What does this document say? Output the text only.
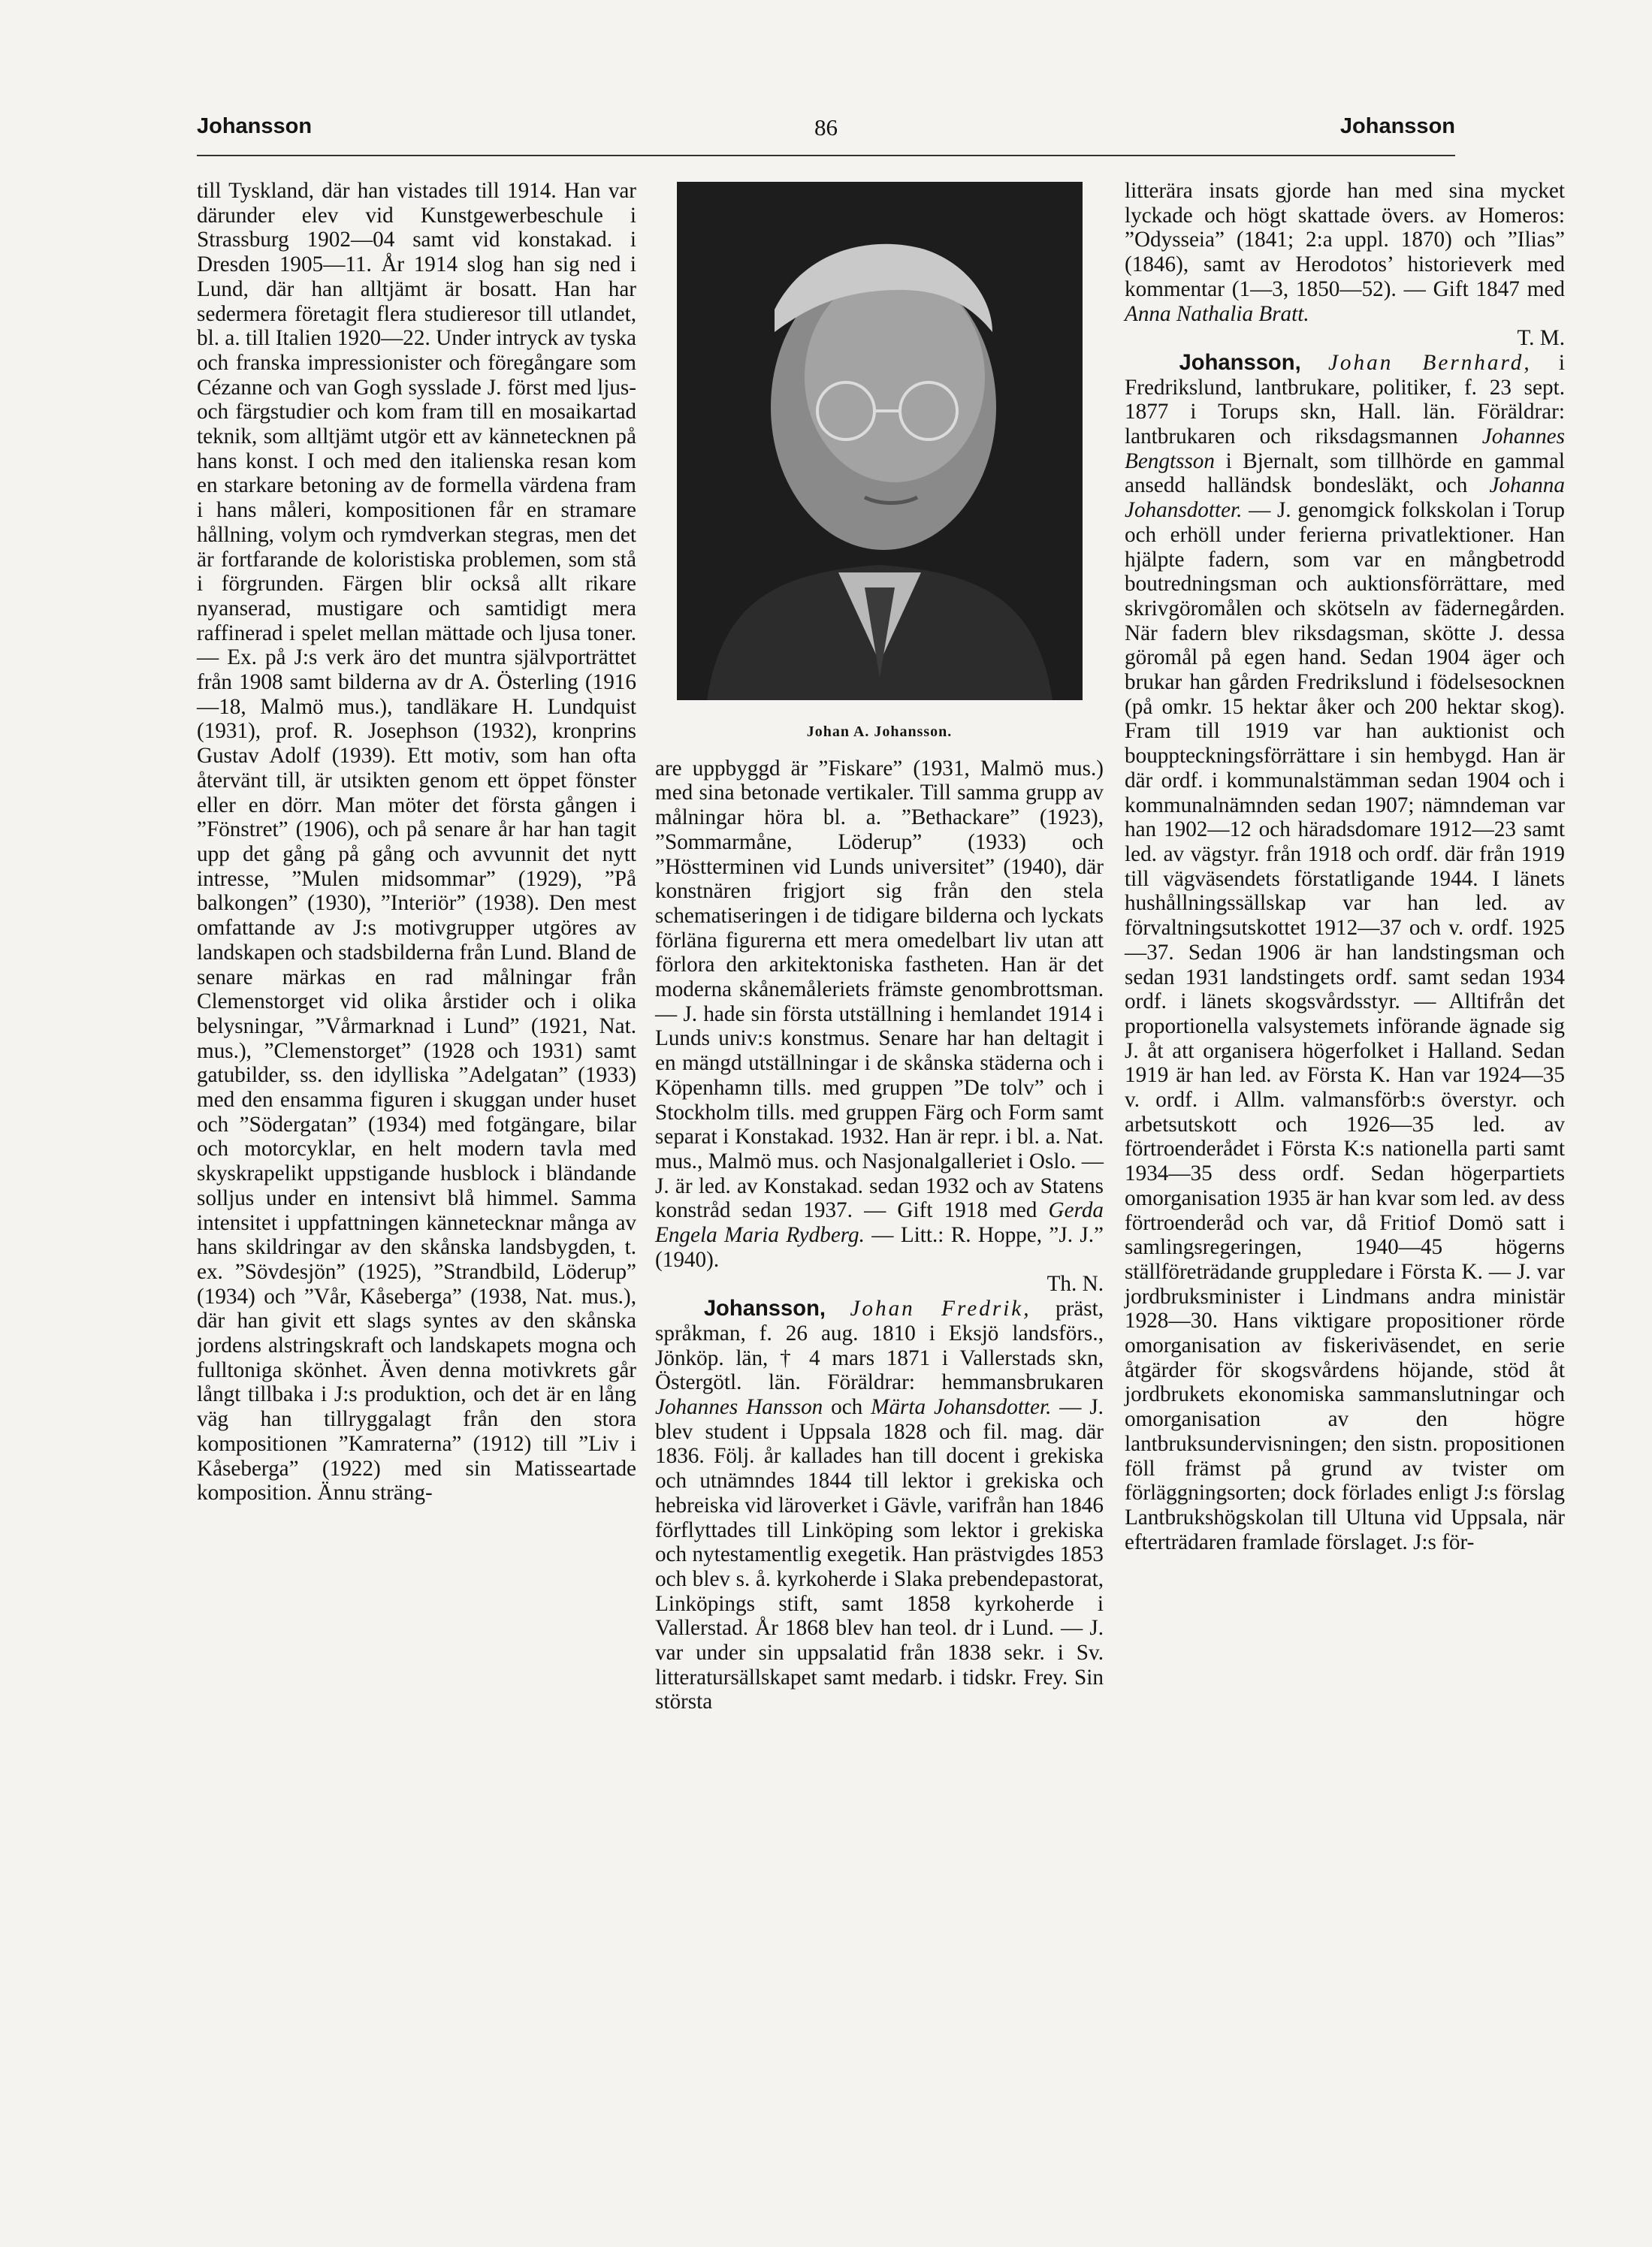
Johansson	86	Johansson

till Tyskland, där han vistades till 1914. Han var därunder elev vid Kunstgewerbeschule i Strassburg 1902—04 samt vid konstakad. i Dresden 1905—11. År 1914 slog han sig ned i Lund, där han alltjämt är bosatt. Han har sedermera företagit flera studieresor till utlandet, bl. a. till Italien 1920—22. Under intryck av tyska och franska impressionister och föregångare som Cézanne och van Gogh sysslade J. först med ljus- och färgstudier och kom fram till en mosaikartad teknik, som alltjämt utgör ett av kännetecknen på hans konst. I och med den italienska resan kom en starkare betoning av de formella värdena fram i hans måleri, kompositionen får en stramare hållning, volym och rymdverkan stegras, men det är fortfarande de koloristiska problemen, som stå i förgrunden. Färgen blir också allt rikare nyanserad, mustigare och samtidigt mera raffinerad i spelet mellan mättade och ljusa toner. — Ex. på J:s verk äro det muntra självporträttet från 1908 samt bilderna av dr A. Österling (1916—18, Malmö mus.), tandläkare H. Lundquist (1931), prof. R. Josephson (1932), kronprins Gustav Adolf (1939). Ett motiv, som han ofta återvänt till, är utsikten genom ett öppet fönster eller en dörr. Man möter det första gången i ”Fönstret” (1906), och på senare år har han tagit upp det gång på gång och avvunnit det nytt intresse, ”Mulen midsommar” (1929), ”På balkongen” (1930), ”Interiör” (1938). Den mest omfattande av J:s motivgrupper utgöres av landskapen och stadsbilderna från Lund. Bland de senare märkas en rad målningar från Clemenstorget vid olika årstider och i olika belysningar, ”Vårmarknad i Lund” (1921, Nat. mus.), ”Clemenstorget” (1928 och 1931) samt gatubilder, ss. den idylliska ”Adelgatan” (1933) med den ensamma figuren i skuggan under huset och ”Södergatan” (1934) med fotgängare, bilar och motorcyklar, en helt modern tavla med skyskrapelikt uppstigande husblock i bländande solljus under en intensivt blå himmel. Samma intensitet i uppfattningen kännetecknar många av hans skildringar av den skånska landsbygden, t. ex. ”Sövdesjön” (1925), ”Strandbild, Löderup” (1934) och ”Vår, Kåseberga” (1938, Nat. mus.), där han givit ett slags syntes av den skånska jordens alstringskraft och landskapets mogna och fulltoniga skönhet. Även denna motivkrets går långt tillbaka i J:s produktion, och det är en lång väg han tillryggalagt från den stora kompositionen ”Kamraterna” (1912) till ”Liv i Kåseberga” (1922) med sin Matisseartade komposition. Ännu sträng-

Johan A. Johansson.

are uppbyggd är ”Fiskare” (1931, Malmö mus.) med sina betonade vertikaler. Till samma grupp av målningar höra bl. a. ”Bethackare” (1923), ”Sommarmåne, Löderup” (1933) och ”Höstterminen vid Lunds universitet” (1940), där konstnären frigjort sig från den stela schematiseringen i de tidigare bilderna och lyckats förläna figurerna ett mera omedelbart liv utan att förlora den arkitektoniska fastheten. Han är det moderna skånemåleriets främste genombrottsman. — J. hade sin första utställning i hemlandet 1914 i Lunds univ:s konstmus. Senare har han deltagit i en mängd utställningar i de skånska städerna och i Köpenhamn tills. med gruppen ”De tolv” och i Stockholm tills. med gruppen Färg och Form samt separat i Konstakad. 1932. Han är repr. i bl. a. Nat. mus., Malmö mus. och Nasjonalgalleriet i Oslo. — J. är led. av Konstakad. sedan 1932 och av Statens konstråd sedan 1937. — Gift 1918 med Gerda Engela Maria Rydberg. — Litt.: R. Hoppe, ”J. J.” (1940).

Th. N.

Johansson, Johan Fredrik, präst, språkman, f. 26 aug. 1810 i Eksjö landsförs., Jönköp. län, † 4 mars 1871 i Vallerstads skn, Östergötl. län. Föräldrar: hemmansbrukaren Johannes Hansson och Märta Johansdotter. — J. blev student i Uppsala 1828 och fil. mag. där 1836. Följ. år kallades han till docent i grekiska och utnämndes 1844 till lektor i grekiska och hebreiska vid läroverket i Gävle, varifrån han 1846 förflyttades till Linköping som lektor i grekiska och nytestamentlig exegetik. Han prästvigdes 1853 och blev s. å. kyrkoherde i Slaka prebendepastorat, Linköpings stift, samt 1858 kyrkoherde i Vallerstad. År 1868 blev han teol. dr i Lund. — J. var under sin uppsalatid från 1838 sekr. i Sv. litteratursällskapet samt medarb. i tidskr. Frey. Sin största

litterära insats gjorde han med sina mycket lyckade och högt skattade övers. av Homeros: ”Odysseia” (1841; 2:a uppl. 1870) och ”Ilias” (1846), samt av Herodotos’ historieverk med kommentar (1—3, 1850—52). — Gift 1847 med Anna Nathalia Bratt.

T. M.

Johansson, Johan Bernhard, i Fredrikslund, lantbrukare, politiker, f. 23 sept. 1877 i Torups skn, Hall. län. Föräldrar: lantbrukaren och riksdagsmannen Johannes Bengtsson i Bjernalt, som tillhörde en gammal ansedd halländsk bondesläkt, och Johanna Johansdotter. — J. genomgick folkskolan i Torup och erhöll under ferierna privatlektioner. Han hjälpte fadern, som var en mångbetrodd boutredningsman och auktionsförrättare, med skrivgöromålen och skötseln av fädernegården. När fadern blev riksdagsman, skötte J. dessa göromål på egen hand. Sedan 1904 äger och brukar han gården Fredrikslund i födelsesocknen (på omkr. 15 hektar åker och 200 hektar skog). Fram till 1919 var han auktionist och bouppteckningsförrättare i sin hembygd. Han är där ordf. i kommunalstämman sedan 1904 och i kommunalnämnden sedan 1907; nämndeman var han 1902—12 och häradsdomare 1912—23 samt led. av vägstyr. från 1918 och ordf. där från 1919 till vägväsendets förstatligande 1944. I länets hushållningssällskap var han led. av förvaltningsutskottet 1912—37 och v. ordf. 1925—37. Sedan 1906 är han landstingsman och sedan 1931 landstingets ordf. samt sedan 1934 ordf. i länets skogsvårdsstyr. — Alltifrån det proportionella valsystemets införande ägnade sig J. åt att organisera högerfolket i Halland. Sedan 1919 är han led. av Första K. Han var 1924—35 v. ordf. i Allm. valmansförb:s överstyr. och arbetsutskott och 1926—35 led. av förtroenderådet i Första K:s nationella parti samt 1934—35 dess ordf. Sedan högerpartiets omorganisation 1935 är han kvar som led. av dess förtroenderåd och var, då Fritiof Domö satt i samlingsregeringen, 1940—45 högerns ställföreträdande gruppledare i Första K. — J. var jordbruksminister i Lindmans andra ministär 1928—30. Hans viktigare propositioner rörde omorganisation av fiskeriväsendet, en serie åtgärder för skogsvårdens höjande, stöd åt jordbrukets ekonomiska sammanslutningar och omorganisation av den högre lantbruksundervisningen; den sistn. propositionen föll främst på grund av tvister om förläggningsorten; dock förlades enligt J:s förslag Lantbrukshögskolan till Ultuna vid Uppsala, när efterträdaren framlade förslaget. J:s för-
